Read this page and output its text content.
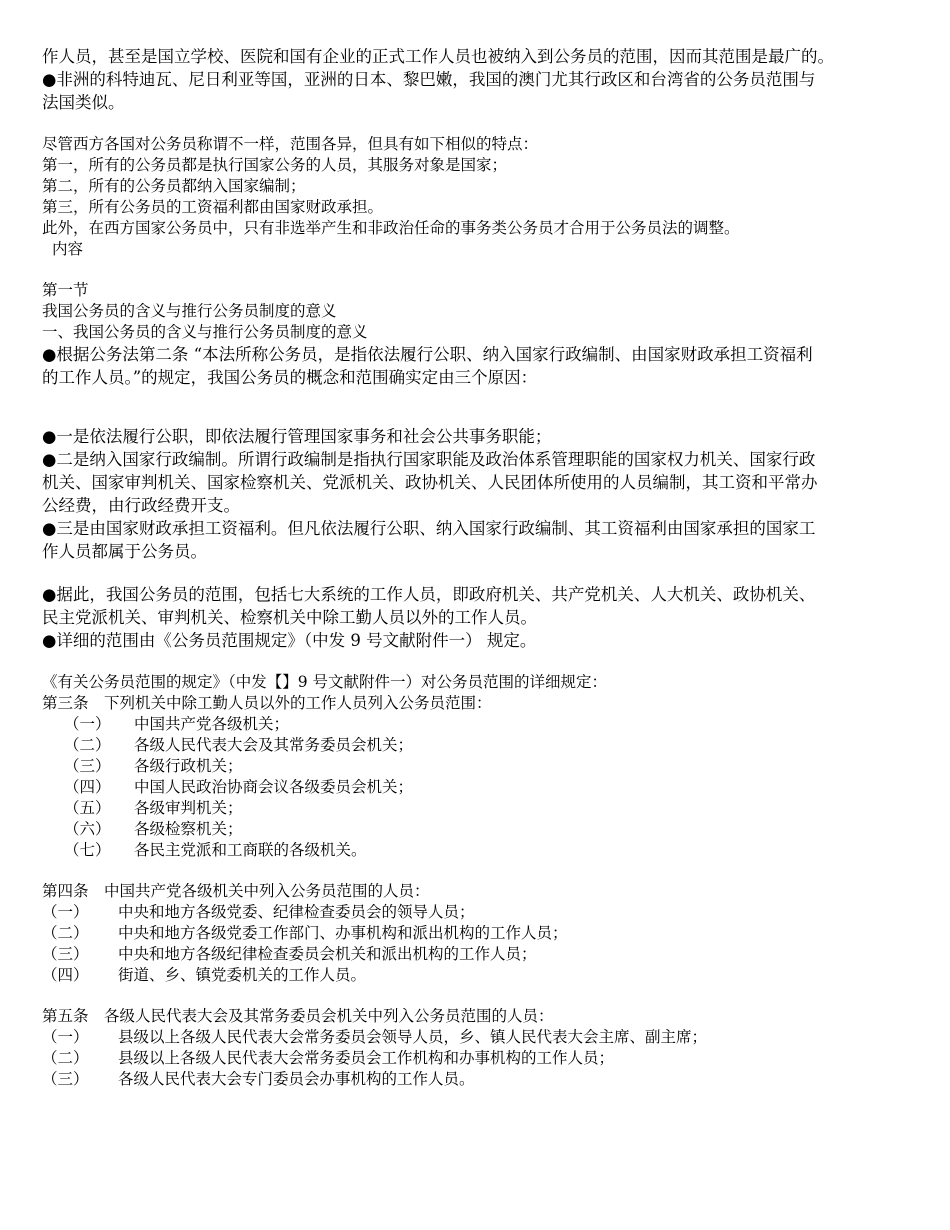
作人员，甚至是国立学校、医院和国有企业的正式工作人员也被纳入到公务员的范围，因而其范围是最广的。
●非洲的科特迪瓦、尼日利亚等国，亚洲的日本、黎巴嫩，我国的澳门尤其行政区和台湾省的公务员范围与
法国类似。
尽管西方各国对公务员称谓不一样，范围各异，但具有如下相似的特点：
第一，所有的公务员都是执行国家公务的人员，其服务对象是国家；
第二，所有的公务员都纳入国家编制；
第三，所有公务员的工资福利都由国家财政承担。
此外，在西方国家公务员中，只有非选举产生和非政治任命的事务类公务员才合用于公务员法的调整。
内容
第一节
我国公务员的含义与推行公务员制度的意义
一、我国公务员的含义与推行公务员制度的意义
●根据公务法第二条 “本法所称公务员，是指依法履行公职、纳入国家行政编制、由国家财政承担工资福利
的工作人员。”的规定，我国公务员的概念和范围确实定由三个原因：
●一是依法履行公职，即依法履行管理国家事务和社会公共事务职能；
●二是纳入国家行政编制。所谓行政编制是指执行国家职能及政治体系管理职能的国家权力机关、国家行政
机关、国家审判机关、国家检察机关、党派机关、政协机关、人民团体所使用的人员编制，其工资和平常办
公经费，由行政经费开支。
●三是由国家财政承担工资福利。但凡依法履行公职、纳入国家行政编制、其工资福利由国家承担的国家工
作人员都属于公务员。
●据此，我国公务员的范围，包括七大系统的工作人员，即政府机关、共产党机关、人大机关、政协机关、
民主党派机关、审判机关、检察机关中除工勤人员以外的工作人员。
●详细的范围由《公务员范围规定》（中发 9 号文献附件一） 规定。
《有关公务员范围的规定》（中发【】9 号文献附件一）对公务员范围的详细规定：
第三条　下列机关中除工勤人员以外的工作人员列入公务员范围：
（一）	中国共产党各级机关；
（二）	各级人民代表大会及其常务委员会机关；
（三）	各级行政机关；
（四）	中国人民政治协商会议各级委员会机关；
（五）	各级审判机关；
（六）	各级检察机关；
（七）	各民主党派和工商联的各级机关。
第四条　中国共产党各级机关中列入公务员范围的人员：
（一）	中央和地方各级党委、纪律检查委员会的领导人员；
（二）	中央和地方各级党委工作部门、办事机构和派出机构的工作人员；
（三）	中央和地方各级纪律检查委员会机关和派出机构的工作人员；
（四）	街道、乡、镇党委机关的工作人员。
第五条　各级人民代表大会及其常务委员会机关中列入公务员范围的人员：
（一）	县级以上各级人民代表大会常务委员会领导人员，乡、镇人民代表大会主席、副主席；
（二）	县级以上各级人民代表大会常务委员会工作机构和办事机构的工作人员；
（三）	各级人民代表大会专门委员会办事机构的工作人员。
